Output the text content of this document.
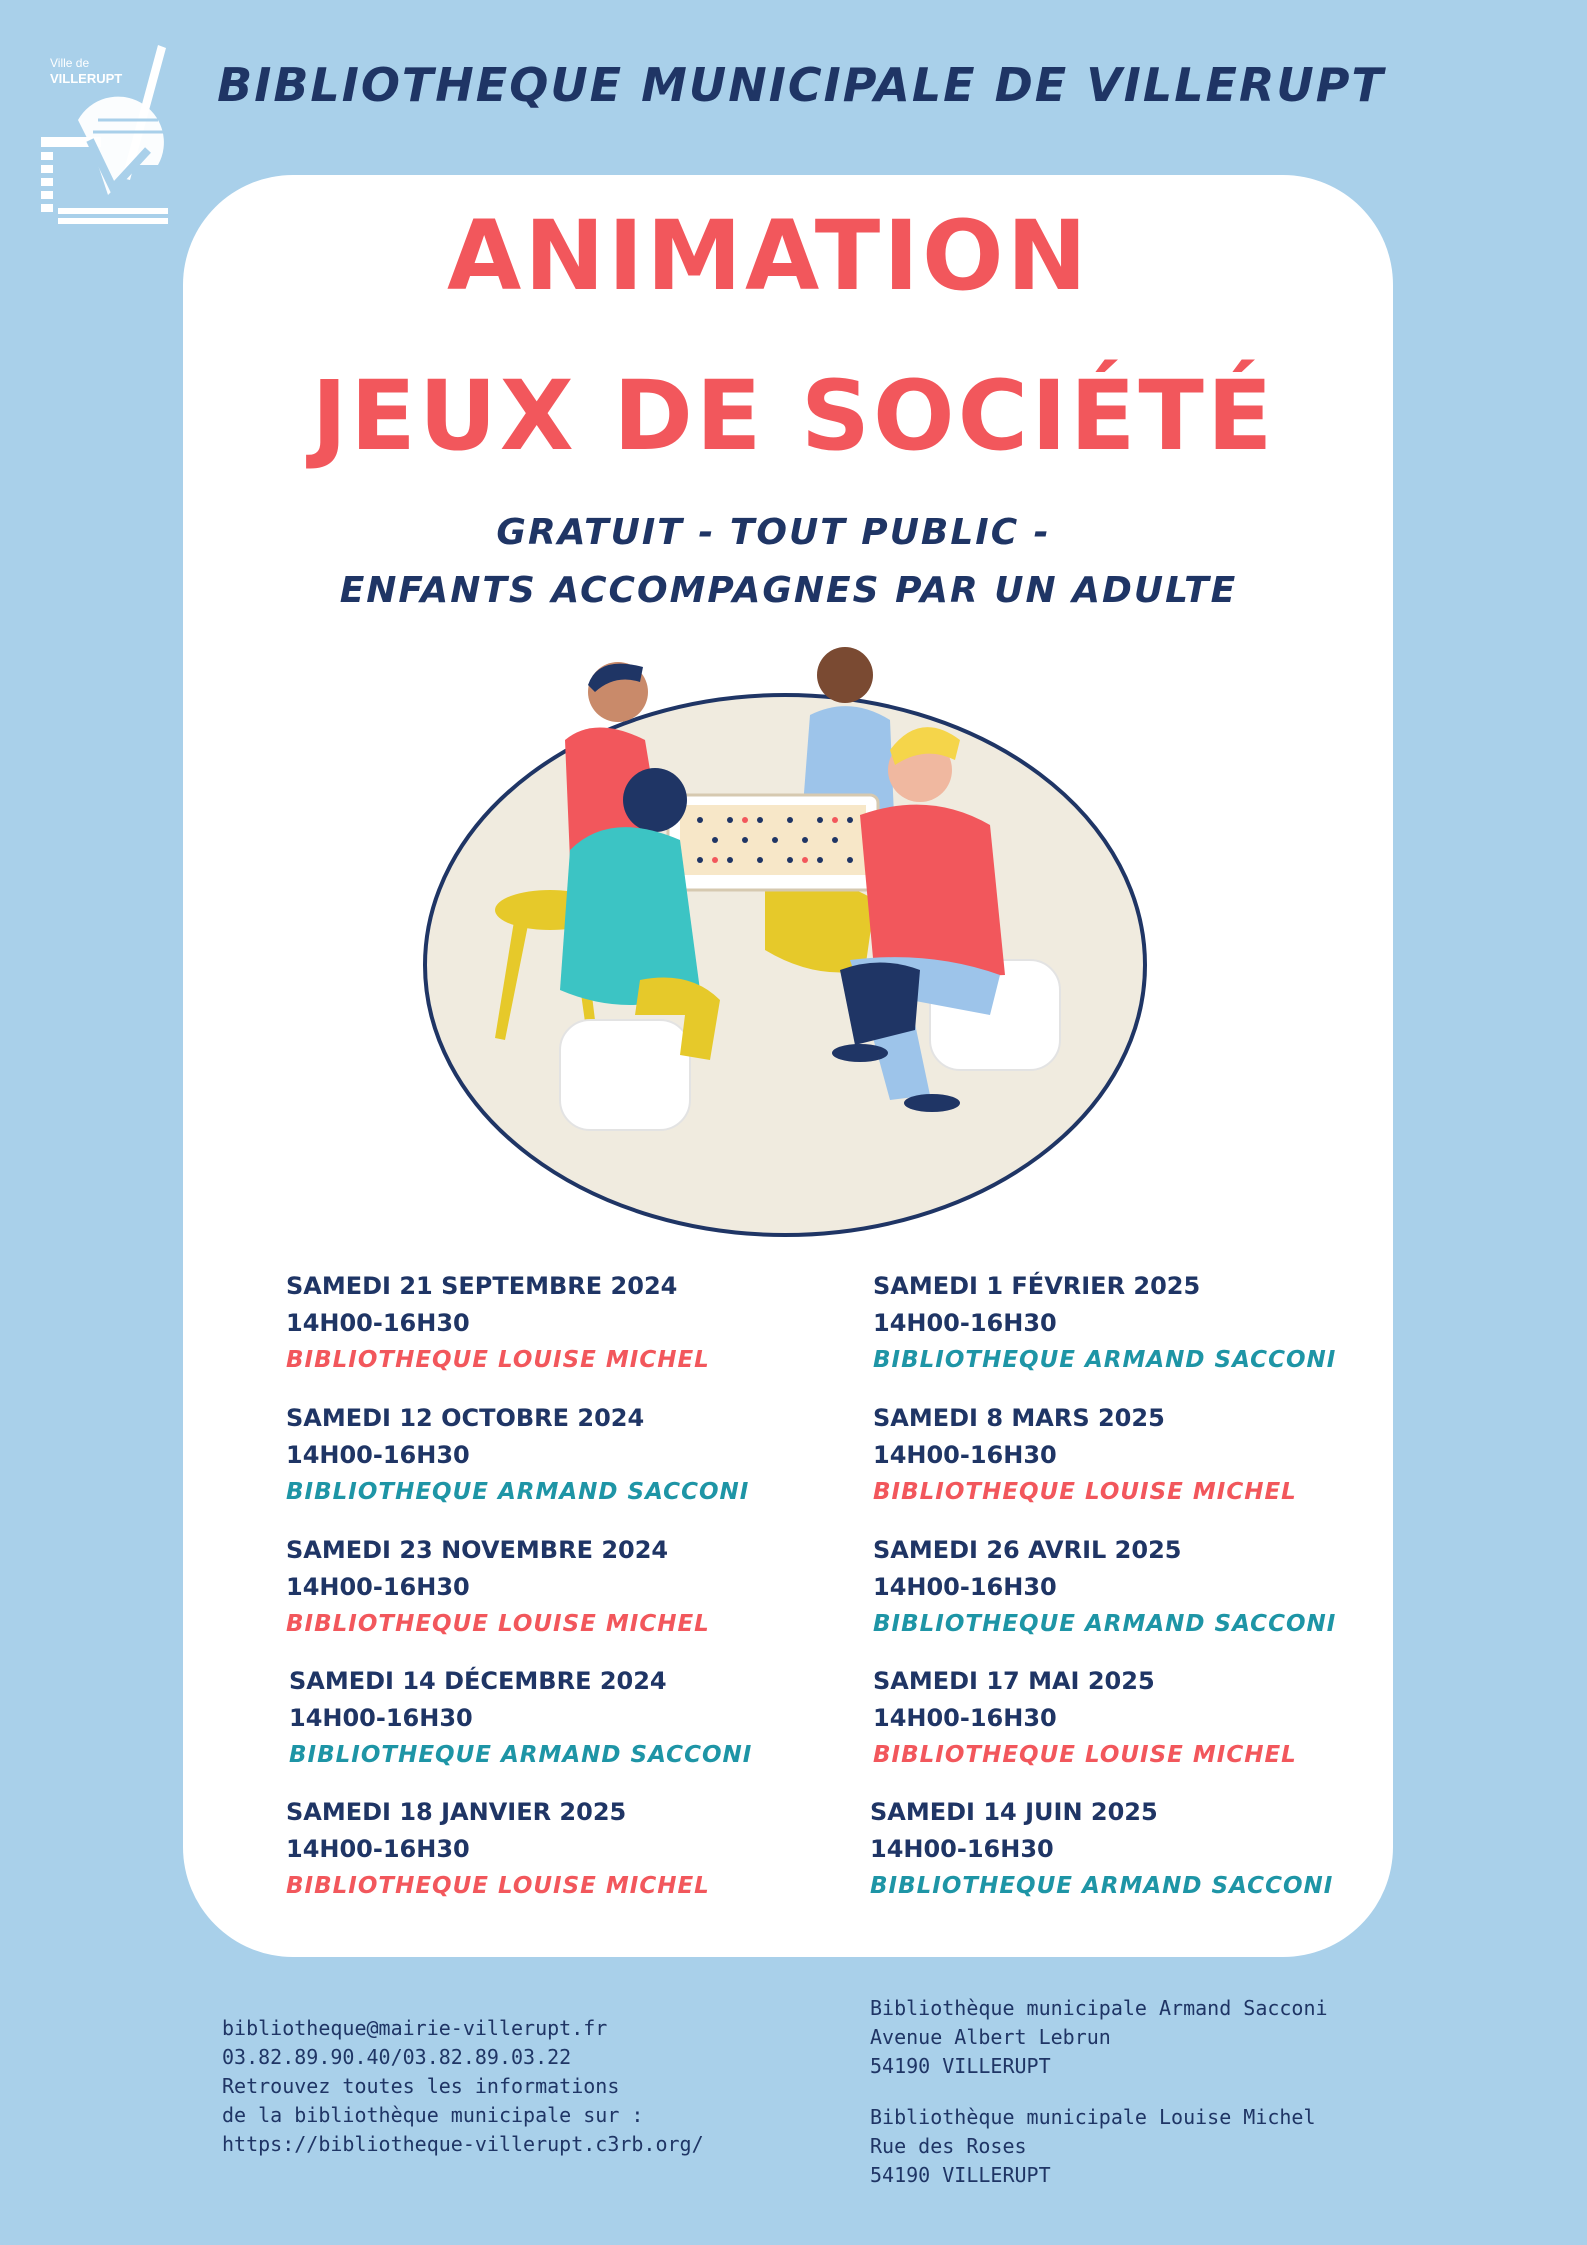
Ville de
VILLERUPT	BIBLIOTHEQUE MUNICIPALE DE VILLERUPT
ANIMATION
JEUX DE SOCIÉTÉ
GRATUIT - TOUT PUBLIC -
ENFANTS ACCOMPAGNES PAR UN ADULTE
SAMEDI 21 SEPTEMBRE 2024
14H00-16H30
BIBLIOTHEQUE LOUISE MICHEL
SAMEDI 12 OCTOBRE 2024
14H00-16H30
BIBLIOTHEQUE ARMAND SACCONI
SAMEDI 23 NOVEMBRE 2024
14H00-16H30
BIBLIOTHEQUE LOUISE MICHEL
SAMEDI 14 DÉCEMBRE 2024
14H00-16H30
BIBLIOTHEQUE ARMAND SACCONI
SAMEDI 18 JANVIER 2025
14H00-16H30
BIBLIOTHEQUE LOUISE MICHEL
SAMEDI 1 FÉVRIER 2025
14H00-16H30
BIBLIOTHEQUE ARMAND SACCONI
SAMEDI 8 MARS 2025
14H00-16H30
BIBLIOTHEQUE LOUISE MICHEL
SAMEDI 26 AVRIL 2025
14H00-16H30
BIBLIOTHEQUE ARMAND SACCONI
SAMEDI 17 MAI 2025
14H00-16H30
BIBLIOTHEQUE LOUISE MICHEL
SAMEDI 14 JUIN 2025
14H00-16H30
BIBLIOTHEQUE ARMAND SACCONI
bibliotheque@mairie-villerupt.fr
03.82.89.90.40/03.82.89.03.22
Retrouvez toutes les informations
de la bibliothèque municipale sur :
https://bibliotheque-villerupt.c3rb.org/
Bibliothèque municipale Armand Sacconi
Avenue Albert Lebrun
54190 VILLERUPT
Bibliothèque municipale Louise Michel
Rue des Roses
54190 VILLERUPT
